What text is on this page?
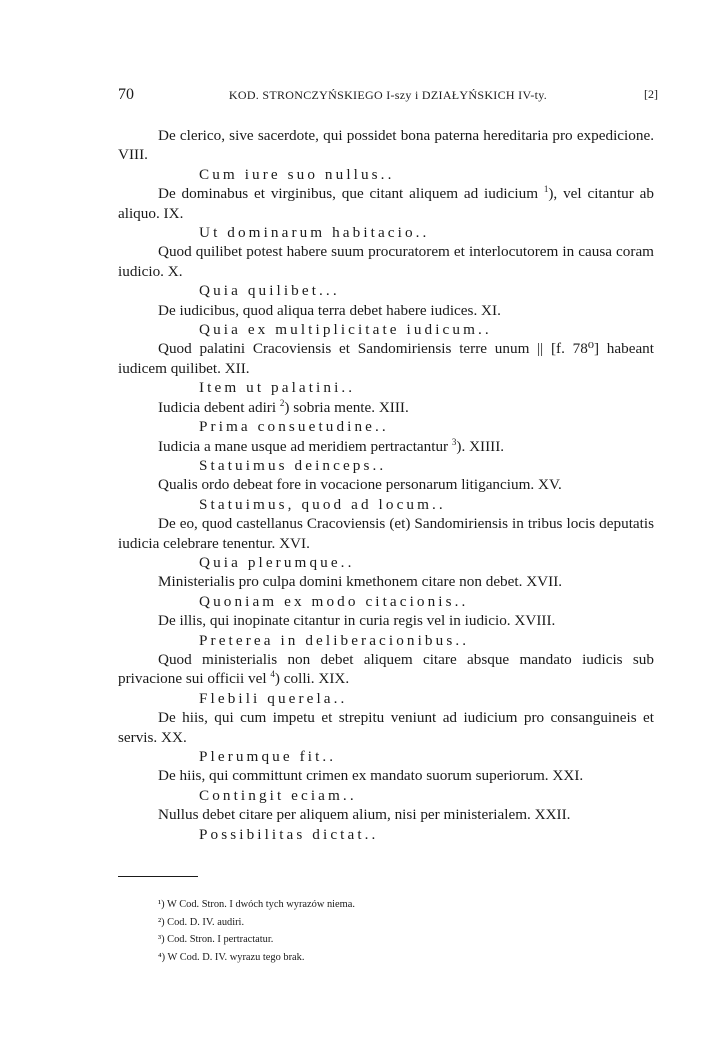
70	KOD. STRONCZYŃSKIEGO I-szy i DZIAŁYŃSKICH IV-ty.	[2]

De clerico, sive sacerdote, qui possidet bona paterna hereditaria pro expedicione. VIII.

Cum iure suo nullus..

De dominabus et virginibus, que citant aliquem ad iudicium $^1$), vel citantur ab aliquo. IX.

Ut dominarum habitacio..

Quod quilibet potest habere suum procuratorem et interlocutorem in causa coram iudicio. X.

Quia quilibet...

De iudicibus, quod aliqua terra debet habere iudices. XI.

Quia ex multiplicitate iudicum..

Quod palatini Cracoviensis et Sandomiriensis terre unum || [f. 78⁰] habeant iudicem quilibet. XII.

Item ut palatini..

Iudicia debent adiri $^2$) sobria mente. XIII.

Prima consuetudine..

Iudicia a mane usque ad meridiem pertractantur $^3$). XIIII.

Statuimus deinceps..

Qualis ordo debeat fore in vocacione personarum litigancium. XV.

Statuimus, quod ad locum..

De eo, quod castellanus Cracoviensis (et) Sandomiriensis in tribus locis deputatis iudicia celebrare tenentur. XVI.

Quia plerumque..

Ministerialis pro culpa domini kmethonem citare non debet. XVII.

Quoniam ex modo citacionis..

De illis, qui inopinate citantur in curia regis vel in iudicio. XVIII.

Preterea in deliberacionibus..

Quod ministerialis non debet aliquem citare absque mandato iudicis sub privacione sui officii vel $^4$) colli. XIX.

Flebili querela..

De hiis, qui cum impetu et strepitu veniunt ad iudicium pro consanguineis et servis. XX.

Plerumque fit..

De hiis, qui committunt crimen ex mandato suorum superiorum. XXI.

Contingit eciam..

Nullus debet citare per aliquem alium, nisi per ministerialem. XXII.

Possibilitas dictat..

¹) W Cod. Stron. I dwóch tych wyrazów niema.

²) Cod. D. IV. audiri.

³) Cod. Stron. I pertractatur.

⁴) W Cod. D. IV. wyrazu tego brak.
